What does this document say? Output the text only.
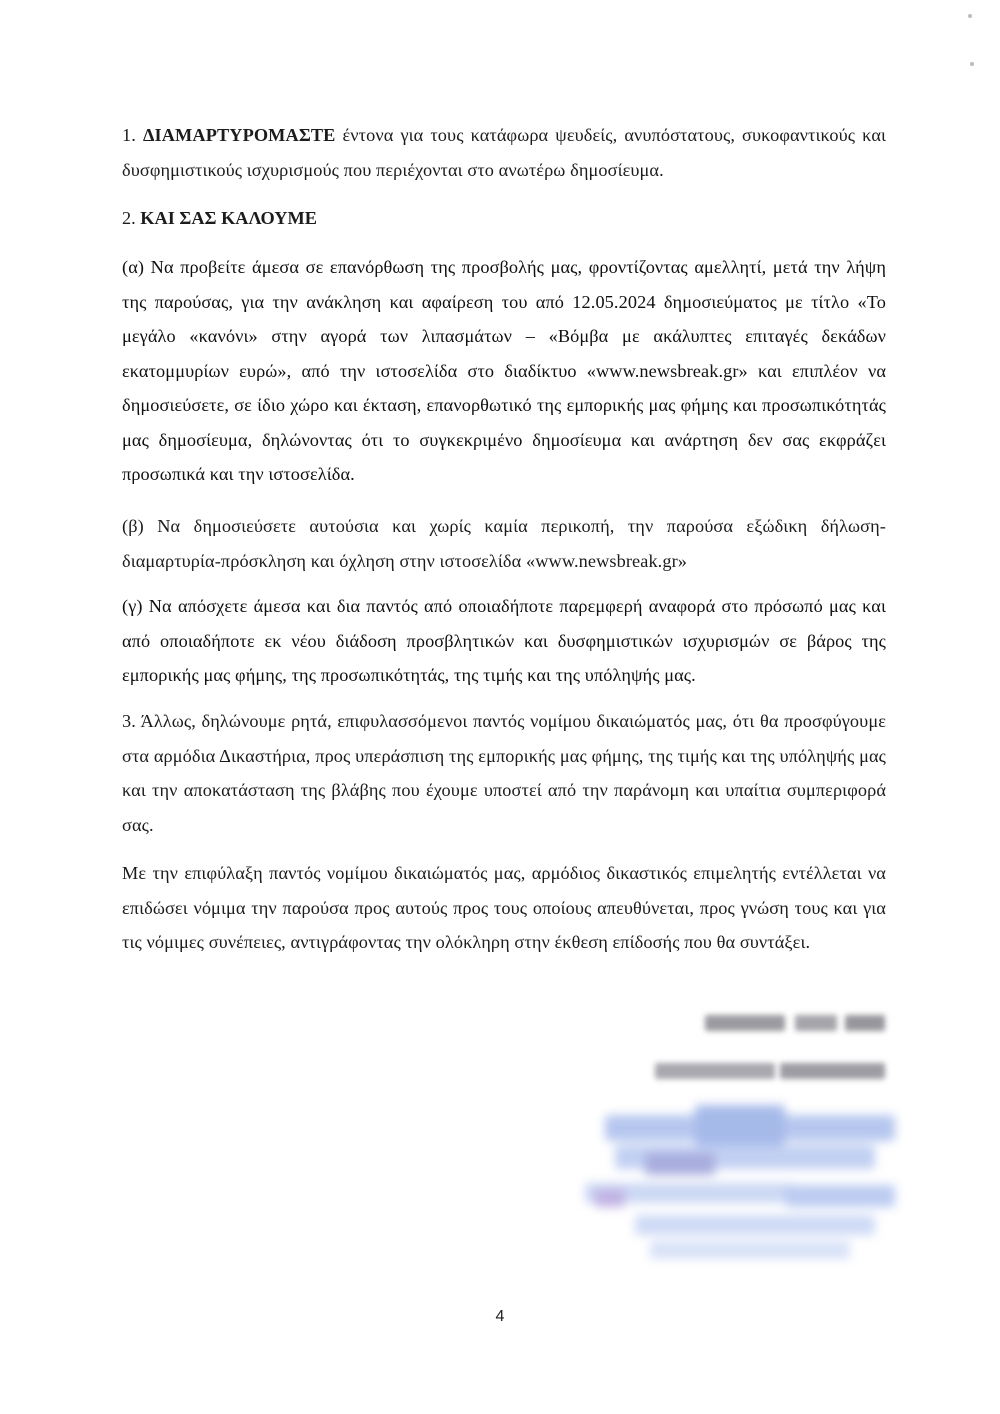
1. ΔΙΑΜΑΡΤΥΡΟΜΑΣΤΕ έντονα για τους κατάφωρα ψευδείς, ανυπόστατους, συκοφαντικούς και δυσφημιστικούς ισχυρισμούς που περιέχονται στο ανωτέρω δημοσίευμα.

2. ΚΑΙ ΣΑΣ ΚΑΛΟΥΜΕ

(α) Να προβείτε άμεσα σε επανόρθωση της προσβολής μας, φροντίζοντας αμελλητί, μετά την λήψη της παρούσας, για την ανάκληση και αφαίρεση του από 12.05.2024 δημοσιεύματος με τίτλο «Το μεγάλο «κανόνι» στην αγορά των λιπασμάτων – «Βόμβα με ακάλυπτες επιταγές δεκάδων εκατομμυρίων ευρώ», από την ιστοσελίδα στο διαδίκτυο «www.newsbreak.gr» και επιπλέον να δημοσιεύσετε, σε ίδιο χώρο και έκταση, επανορθωτικό της εμπορικής μας φήμης και προσωπικότητάς μας δημοσίευμα, δηλώνοντας ότι το συγκεκριμένο δημοσίευμα και ανάρτηση δεν σας εκφράζει προσωπικά και την ιστοσελίδα.

(β) Να δημοσιεύσετε αυτούσια και χωρίς καμία περικοπή, την παρούσα εξώδικη δήλωση-διαμαρτυρία-πρόσκληση και όχληση στην ιστοσελίδα «www.newsbreak.gr»

(γ) Να απόσχετε άμεσα και δια παντός από οποιαδήποτε παρεμφερή αναφορά στο πρόσωπό μας και από οποιαδήποτε εκ νέου διάδοση προσβλητικών και δυσφημιστικών ισχυρισμών σε βάρος της εμπορικής μας φήμης, της προσωπικότητάς, της τιμής και της υπόληψής μας.

3. Άλλως, δηλώνουμε ρητά, επιφυλασσόμενοι παντός νομίμου δικαιώματός μας, ότι θα προσφύγουμε στα αρμόδια Δικαστήρια, προς υπεράσπιση της εμπορικής μας φήμης, της τιμής και της υπόληψής μας και την αποκατάσταση της βλάβης που έχουμε υποστεί από την παράνομη και υπαίτια συμπεριφορά σας.

Με την επιφύλαξη παντός νομίμου δικαιώματός μας, αρμόδιος δικαστικός επιμελητής εντέλλεται να επιδώσει νόμιμα την παρούσα προς αυτούς προς τους οποίους απευθύνεται, προς γνώση τους και για τις νόμιμες συνέπειες, αντιγράφοντας την ολόκληρη στην έκθεση επίδοσής που θα συντάξει.

4
